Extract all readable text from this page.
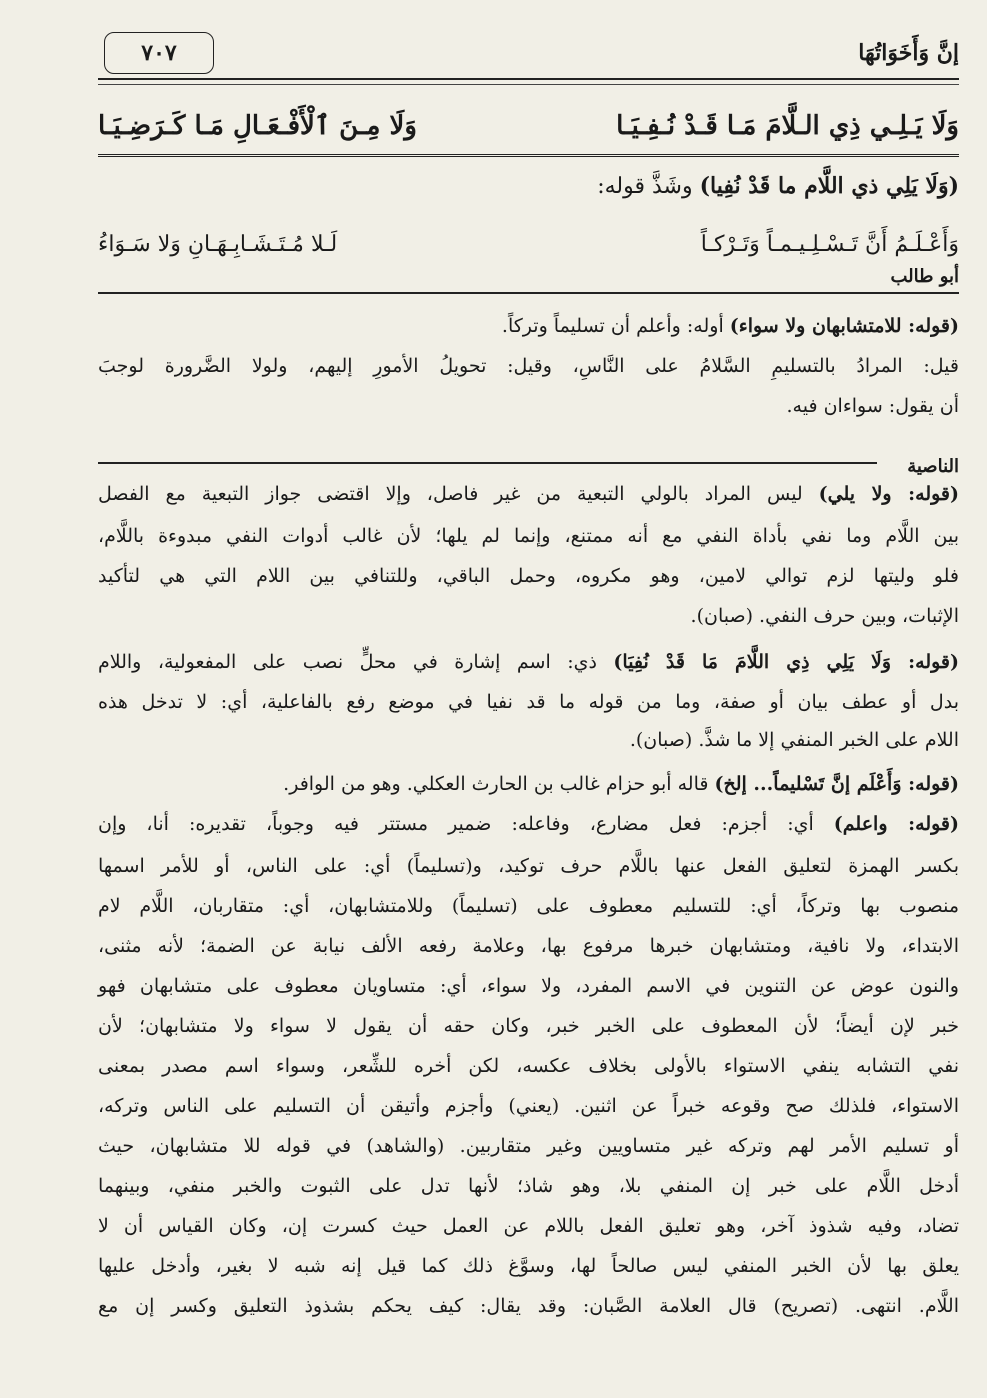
إنَّ وَأَخَوَاتُهَا
٧٠٧
وَلَا يَـلِـي ذِي الـلَّامَ مَـا قَـدْ نُـفِـيَـا
وَلَا مِـنَ ٱلْأَفْـعَـالِ مَـا كَـرَضِـيَـا
(وَلَا يَلِي ذي اللَّام ما قَدْ نُفِيا) وشَذَّ قوله:
وَأَعْـلَـمُ أَنَّ تَـسْـلِـيـمـاً وَتَـرْكـاً
لَـلا مُـتَـشَـابِـهَـانِ وَلا سَـوَاءُ
أبو طالب
(قوله: للامتشابهان ولا سواء) أوله: وأعلم أن تسليماً وتركاً.
قيل: المرادُ بالتسليمِ السَّلامُ على النَّاسِ، وقيل: تحويلُ الأمورِ إليهم، ولولا الضَّرورة لوجبَ
أن يقول: سواءان فيه.
الناصية
(قوله: ولا يلي) ليس المراد بالولي التبعية من غير فاصل، وإلا اقتضى جواز التبعية مع الفصل
بين اللَّام وما نفي بأداة النفي مع أنه ممتنع، وإنما لم يلها؛ لأن غالب أدوات النفي مبدوءة باللَّام،
فلو وليتها لزم توالي لامين، وهو مكروه، وحمل الباقي، وللتنافي بين اللام التي هي لتأكيد
الإثبات، وبين حرف النفي. (صبان).
(قوله: وَلَا يَلِي ذِي اللَّامَ مَا قَدْ نُفِيَا) ذي: اسم إشارة في محلٍّ نصب على المفعولية، واللام
بدل أو عطف بيان أو صفة، وما من قوله ما قد نفيا في موضع رفع بالفاعلية، أي: لا تدخل هذه
اللام على الخبر المنفي إلا ما شذَّ. (صبان).
(قوله: وَأَعْلَم إنَّ تَسْليماً... إلخ) قاله أبو حزام غالب بن الحارث العكلي. وهو من الوافر.
(قوله: واعلم) أي: أجزم: فعل مضارع، وفاعله: ضمير مستتر فيه وجوباً، تقديره: أنا، وإن
بكسر الهمزة لتعليق الفعل عنها باللَّام حرف توكيد، و(تسليماً) أي: على الناس، أو للأمر اسمها
منصوب بها وتركاً، أي: للتسليم معطوف على (تسليماً) وللامتشابهان، أي: متقاربان، اللَّام لام
الابتداء، ولا نافية، ومتشابهان خبرها مرفوع بها، وعلامة رفعه الألف نيابة عن الضمة؛ لأنه مثنى،
والنون عوض عن التنوين في الاسم المفرد، ولا سواء، أي: متساويان معطوف على متشابهان فهو
خبر لإن أيضاً؛ لأن المعطوف على الخبر خبر، وكان حقه أن يقول لا سواء ولا متشابهان؛ لأن
نفي التشابه ينفي الاستواء بالأولى بخلاف عكسه، لكن أخره للشِّعر، وسواء اسم مصدر بمعنى
الاستواء، فلذلك صح وقوعه خبراً عن اثنين. (يعني) وأجزم وأتيقن أن التسليم على الناس وتركه،
أو تسليم الأمر لهم وتركه غير متساويين وغير متقاربين. (والشاهد) في قوله للا متشابهان، حيث
أدخل اللَّام على خبر إن المنفي بلا، وهو شاذ؛ لأنها تدل على الثبوت والخبر منفي، وبينهما
تضاد، وفيه شذوذ آخر، وهو تعليق الفعل باللام عن العمل حيث كسرت إن، وكان القياس أن لا
يعلق بها لأن الخبر المنفي ليس صالحاً لها، وسوَّغ ذلك كما قيل إنه شبه لا بغير، وأدخل عليها
اللَّام. انتهى. (تصريح) قال العلامة الصَّبان: وقد يقال: كيف يحكم بشذوذ التعليق وكسر إن مع
